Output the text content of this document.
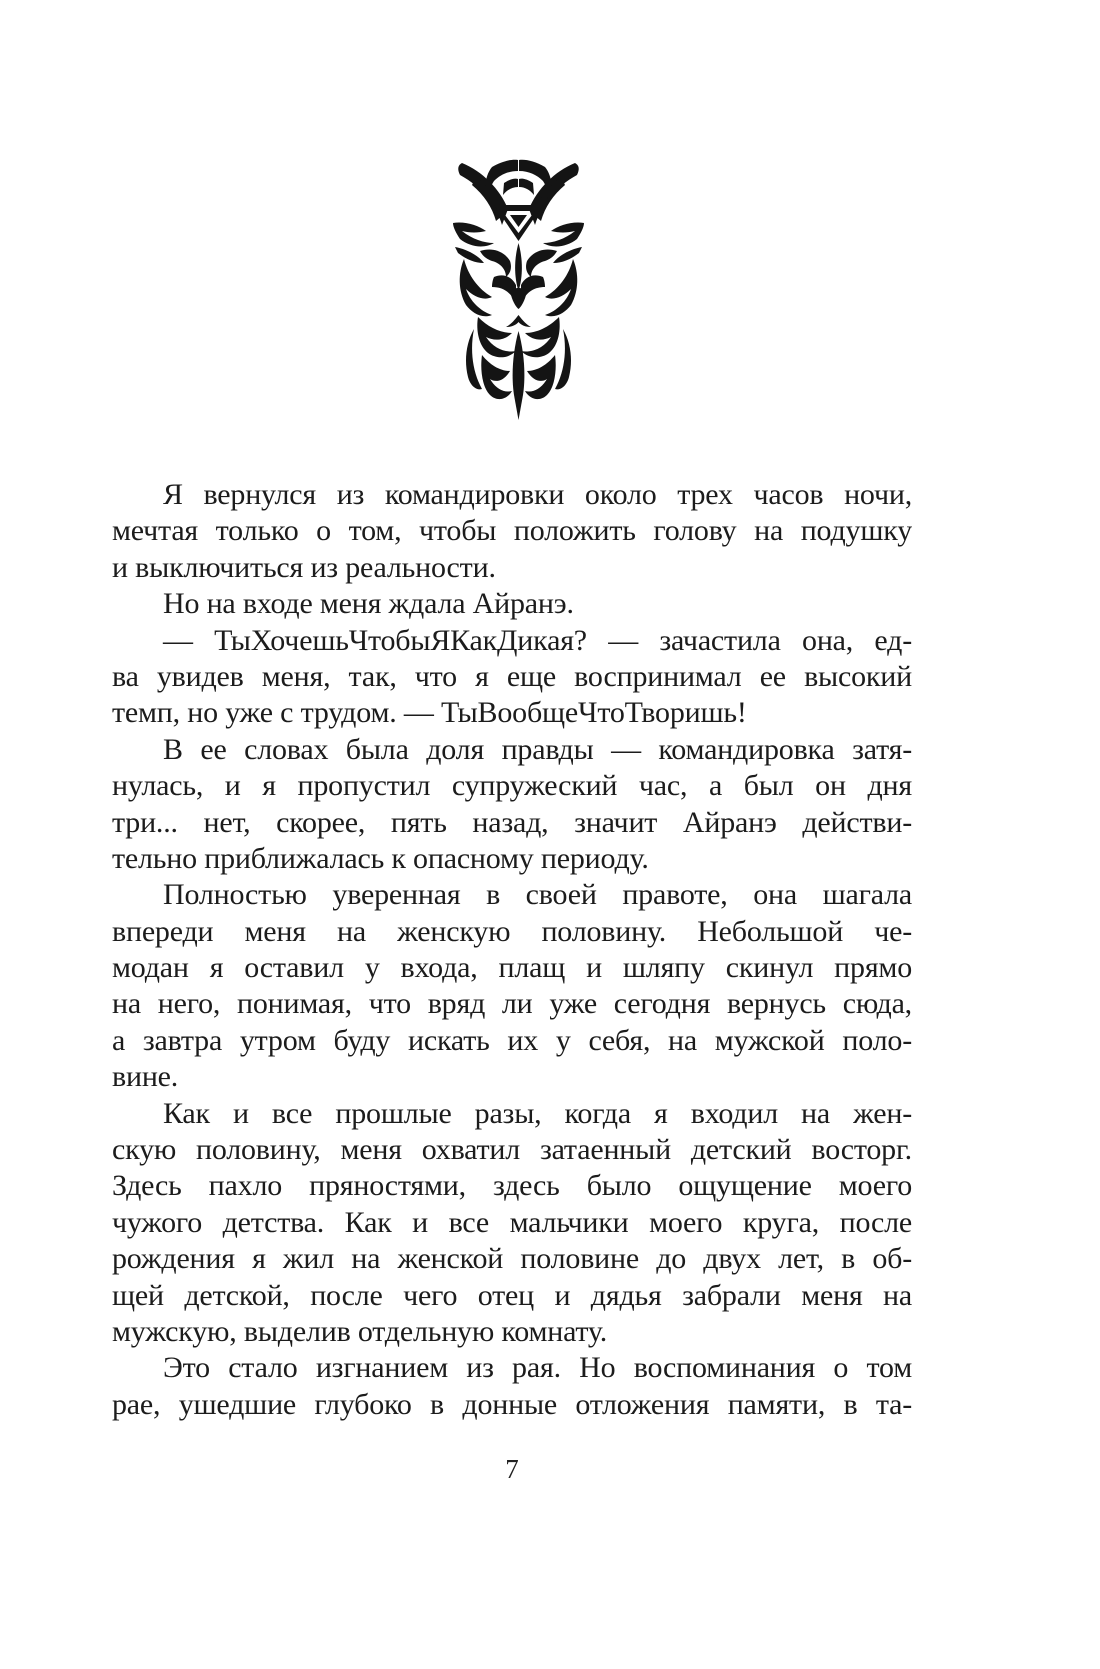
Я вернулся из командировки около трех часов ночи,
мечтая только о том, чтобы положить голову на подушку
и выключиться из реальности.
Но на входе меня ждала Айранэ.
— ТыХочешьЧтобыЯКакДикая? — зачастила она, ед-
ва увидев меня, так, что я еще воспринимал ее высокий
темп, но уже с трудом. — ТыВообщеЧтоТворишь!
В ее словах была доля правды — командировка затя-
нулась, и я пропустил супружеский час, а был он дня
три... нет, скорее, пять назад, значит Айранэ действи-
тельно приближалась к опасному периоду.
Полностью уверенная в своей правоте, она шагала
впереди меня на женскую половину. Небольшой че-
модан я оставил у входа, плащ и шляпу скинул прямо
на него, понимая, что вряд ли уже сегодня вернусь сюда,
а завтра утром буду искать их у себя, на мужской поло-
вине.
Как и все прошлые разы, когда я входил на жен-
скую половину, меня охватил затаенный детский восторг.
Здесь пахло пряностями, здесь было ощущение моего
чужого детства. Как и все мальчики моего круга, после
рождения я жил на женской половине до двух лет, в об-
щей детской, после чего отец и дядья забрали меня на
мужскую, выделив отдельную комнату.
Это стало изгнанием из рая. Но воспоминания о том
рае, ушедшие глубоко в донные отложения памяти, в та-
7
